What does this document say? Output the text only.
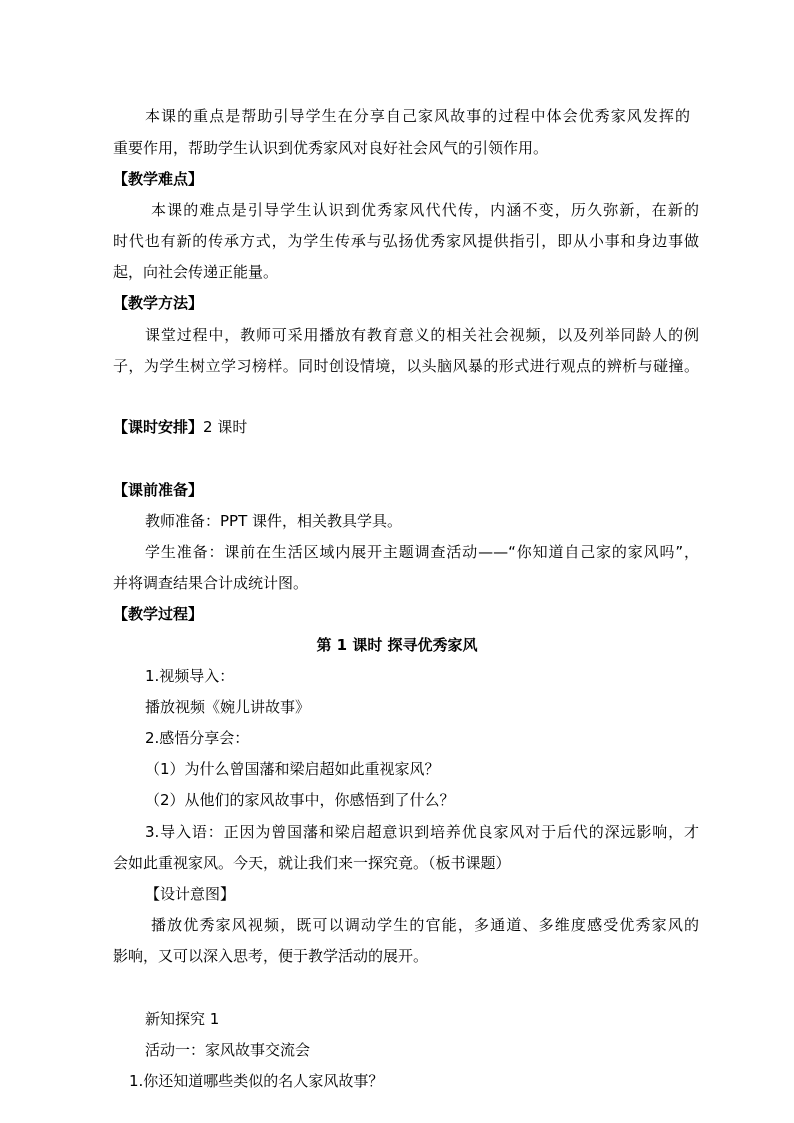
本课的重点是帮助引导学生在分享自己家风故事的过程中体会优秀家风发挥的
重要作用，帮助学生认识到优秀家风对良好社会风气的引领作用。
【教学难点】
本课的难点是引导学生认识到优秀家风代代传，内涵不变，历久弥新，在新的
时代也有新的传承方式，为学生传承与弘扬优秀家风提供指引，即从小事和身边事做
起，向社会传递正能量。
【教学方法】
课堂过程中，教师可采用播放有教育意义的相关社会视频，以及列举同龄人的例
子，为学生树立学习榜样。同时创设情境，以头脑风暴的形式进行观点的辨析与碰撞。
【课时安排】2 课时
【课前准备】
教师准备：PPT 课件，相关教具学具。
学生准备：课前在生活区域内展开主题调查活动——“你知道自己家的家风吗”，
并将调查结果合计成统计图。
【教学过程】
第 1 课时 探寻优秀家风
1.视频导入：
播放视频《婉儿讲故事》
2.感悟分享会：
（1）为什么曾国藩和梁启超如此重视家风？
（2）从他们的家风故事中，你感悟到了什么？
3.导入语：正因为曾国藩和梁启超意识到培养优良家风对于后代的深远影响，才
会如此重视家风。今天，就让我们来一探究竟。（板书课题）
【设计意图】
播放优秀家风视频，既可以调动学生的官能，多通道、多维度感受优秀家风的
影响，又可以深入思考，便于教学活动的展开。
新知探究 1
活动一：家风故事交流会
1.你还知道哪些类似的名人家风故事？
